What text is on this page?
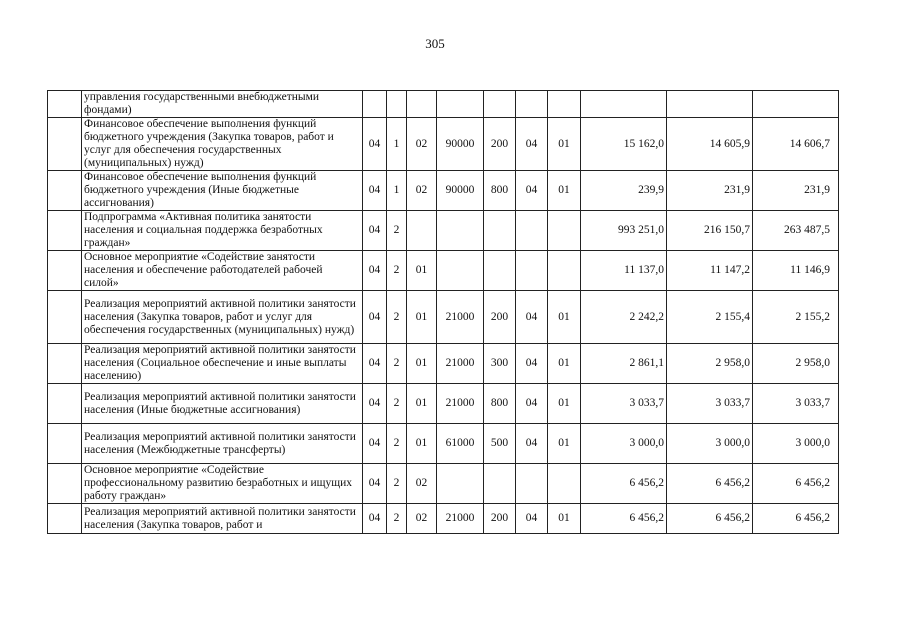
305
	управления государственными внебюджетными фондами)										
	Финансовое обеспечение выполнения функций бюджетного учреждения (Закупка товаров, работ и услуг для обеспечения государственных (муниципальных) нужд)	04	1	02	90000	200	04	01	15 162,0	14 605,9	14 606,7
	Финансовое обеспечение выполнения функций бюджетного учреждения (Иные бюджетные ассигнования)	04	1	02	90000	800	04	01	239,9	231,9	231,9
	Подпрограмма «Активная политика занятости населения и социальная поддержка безработных граждан»	04	2						993 251,0	216 150,7	263 487,5
	Основное мероприятие «Содействие занятости населения и обеспечение работодателей рабочей силой»	04	2	01					11 137,0	11 147,2	11 146,9
	Реализация мероприятий активной политики занятости населения (Закупка товаров, работ и услуг для обеспечения государственных (муниципальных) нужд)	04	2	01	21000	200	04	01	2 242,2	2 155,4	2 155,2
	Реализация мероприятий активной политики занятости населения (Социальное обеспечение и иные выплаты населению)	04	2	01	21000	300	04	01	2 861,1	2 958,0	2 958,0
	Реализация мероприятий активной политики занятости населения (Иные бюджетные ассигнования)	04	2	01	21000	800	04	01	3 033,7	3 033,7	3 033,7
	Реализация мероприятий активной политики занятости населения (Межбюджетные трансферты)	04	2	01	61000	500	04	01	3 000,0	3 000,0	3 000,0
	Основное мероприятие «Содействие профессиональному развитию безработных и ищущих работу граждан»	04	2	02					6 456,2	6 456,2	6 456,2
	Реализация мероприятий активной политики занятости населения (Закупка товаров, работ и	04	2	02	21000	200	04	01	6 456,2	6 456,2	6 456,2
